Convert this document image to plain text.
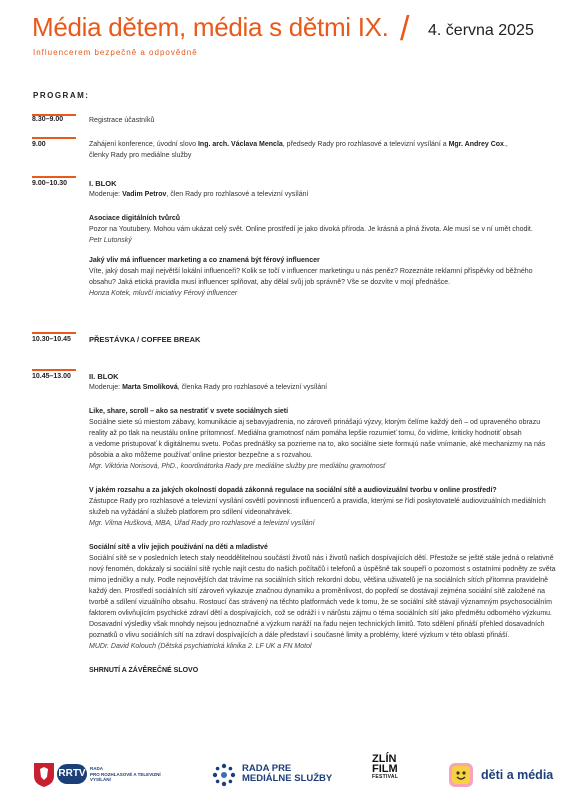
Média dětem, média s dětmi IX. / 4. června 2025
Influencerem bezpečně a odpovědně
PROGRAM:
8.30–9.00	Registrace účastníků
9.00	Zahájení konference, úvodní slovo Ing. arch. Václava Mencla, předsedy Rady pro rozhlasové a televizní vysílání a Mgr. Andrey Cox.,
členky Rady pro mediálne služby
9.00–10.30	I. BLOK
Moderuje: Vadim Petrov, člen Rady pro rozhlasové a televizní vysílání
Asociace digitálních tvůrců
Pozor na Youtubery. Mohou vám ukázat celý svět. Online prostředí je jako divoká příroda. Je krásná a plná života. Ale musí se v ní umět chodit.
Petr Lutonský
Jaký vliv má influencer marketing a co znamená být férový influencer
Víte, jaký dosah mají největší lokální influenceři? Kolik se točí v influencer marketingu u nás peněz? Rozeznáte reklamní příspěvky od běžného
obsahu? Jaká etická pravidla musí influencer splňovat, aby dělal svůj job správně? Vše se dozvíte v mojí přednášce.
Honza Kotek, mluvčí iniciativy Férový influencer
10.30–10.45 PŘESTÁVKA / COFFEE BREAK
10.45–13.00 II. BLOK
Moderuje: Marta Smolíková, členka Rady pro rozhlasové a televizní vysílání
Like, share, scroll – ako sa nestratiť v svete sociálnych sietí
Sociálne siete sú miestom zábavy, komunikácie aj sebavyjadrenia, no zároveň prinášajú výzvy, ktorým čelíme každý deň – od upraveného obrazu
reality až po tlak na neustálu online prítomnosť. Mediálna gramotnosť nám pomáha lepšie rozumieť tomu, čo vidíme, kriticky hodnotiť obsah
a vedome pristupovať k digitálnemu svetu. Počas prednášky sa pozrieme na to, ako sociálne siete formujú naše vnímanie, aké mechanizmy na nás
pôsobia a ako môžeme používať online priestor bezpečne a s rozvahou.
Mgr. Viktória Norisová, PhD., koordinátorka Rady pre mediálne služby pre mediálnu gramotnosť
V jakém rozsahu a za jakých okolností dopadá zákonná regulace na sociální sítě a audiovizuální tvorbu v online prostředí?
Zástupce Rady pro rozhlasové a televizní vysílání osvětlí povinnosti influencerů a pravidla, kterými se řídí poskytovatelé audiovizuálních mediálních
služeb na vyžádání a služeb platforem pro sdílení videonahrávek.
Mgr. Vilma Hušková, MBA, Úřad Rady pro rozhlasové a televizní vysílání
Sociální sítě a vliv jejich používání na děti a mladistvé
Sociální sítě se v posledních letech staly neoddělitelnou součástí životů nás i životů našich dospívajících dětí. Přestože se ještě stále jedná o relativně
nový fenomén, dokázaly si sociální sítě rychle najít cestu do našich počítačů i telefonů a úspěšně tak soupeří o pozornost s ostatními podněty ze světa
mimo jedničky a nuly. Podle nejnovějších dat trávíme na sociálních sítích rekordní dobu, většina uživatelů je na sociálních sítích přítomna pravidelně
každý den. Prostředí sociálních sítí zároveň vykazuje značnou dynamiku a proměnlivost, do popředí se dostávají zejména sociální sítě založené na
tvorbě a sdílení vizuálního obsahu. Rostoucí čas strávený na těchto platformách vede k tomu, že se sociální sítě stávají významným psychosociálním
faktorem ovlivňujícím psychické zdraví dětí a dospívajících, což se odráží i v nárůstu zájmu o téma sociálních sítí jako předmětu odborného výzkumu.
Dosavadní výsledky však mnohdy nejsou jednoznačné a výzkum naráží na řadu nejen technických limitů. Toto sdělení přináší přehled dosavadních
poznatků o vlivu sociálních sítí na zdraví dospívajících a dále představí i současné limity a problémy, které výzkum v této oblasti přináší.
MUDr. David Kolouch (Dětská psychiatrická klinika 2. LF UK a FN Motol
SHRNUTÍ A ZÁVĚREČNÉ SLOVO
RRTV RADA
PRO ROZHLASOVÉ A TELEVIZNÍ
VYSÍLÁNÍ
RADA PRE
MEDIÁLNE SLUŽBY
ZLÍN
FILM
FESTIVAL	děti a média
